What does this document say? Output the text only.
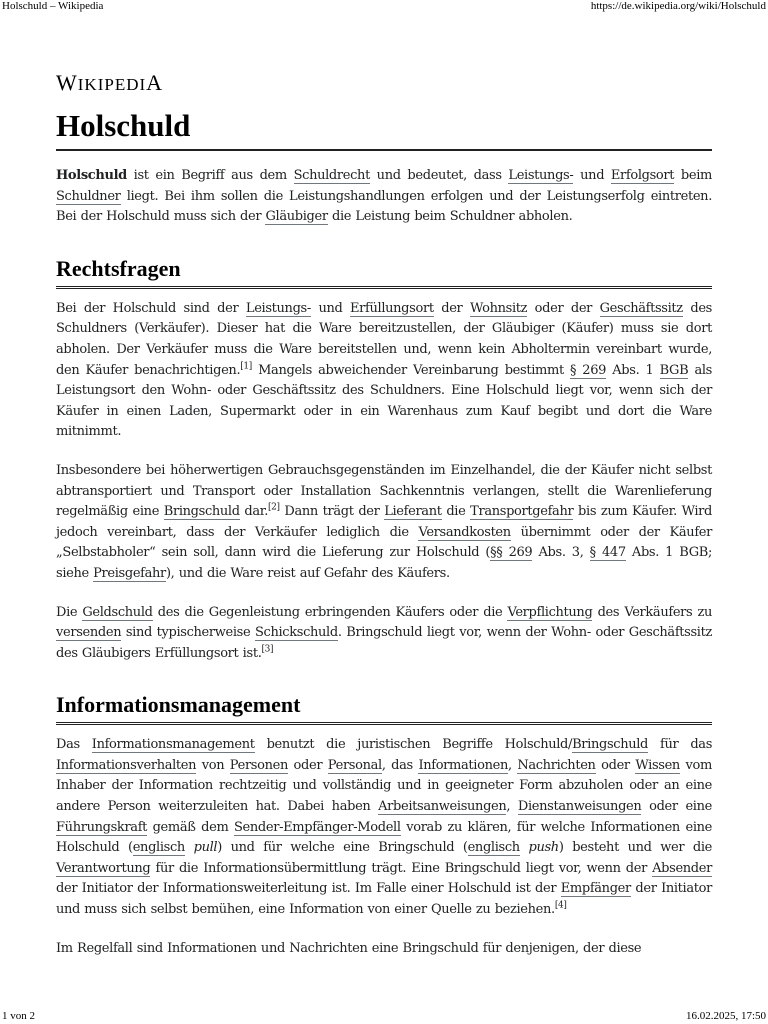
Holschuld – Wikipedia	https://de.wikipedia.org/wiki/Holschuld
WIKIPEDIA
Holschuld

Holschuld ist ein Begriff aus dem Schuldrecht und bedeutet, dass Leistungs- und Erfolgsort beim Schuldner liegt. Bei ihm sollen die Leistungshandlungen erfolgen und der Leistungserfolg eintreten. Bei der Holschuld muss sich der Gläubiger die Leistung beim Schuldner abholen.

Rechtsfragen

Bei der Holschuld sind der Leistungs- und Erfüllungsort der Wohnsitz oder der Geschäftssitz des Schuldners (Verkäufer). Dieser hat die Ware bereitzustellen, der Gläubiger (Käufer) muss sie dort abholen. Der Verkäufer muss die Ware bereitstellen und, wenn kein Abholtermin vereinbart wurde, den Käufer benachrichtigen.[1] Mangels abweichender Vereinbarung bestimmt § 269 Abs. 1 BGB als Leistungsort den Wohn- oder Geschäftssitz des Schuldners. Eine Holschuld liegt vor, wenn sich der Käufer in einen Laden, Supermarkt oder in ein Warenhaus zum Kauf begibt und dort die Ware mitnimmt.

Insbesondere bei höherwertigen Gebrauchsgegenständen im Einzelhandel, die der Käufer nicht selbst abtransportiert und Transport oder Installation Sachkenntnis verlangen, stellt die Warenlieferung regelmäßig eine Bringschuld dar.[2] Dann trägt der Lieferant die Transportgefahr bis zum Käufer. Wird jedoch vereinbart, dass der Verkäufer lediglich die Versandkosten übernimmt oder der Käufer „Selbstabholer“ sein soll, dann wird die Lieferung zur Holschuld (§§ 269 Abs. 3, § 447 Abs. 1 BGB; siehe Preisgefahr), und die Ware reist auf Gefahr des Käufers.

Die Geldschuld des die Gegenleistung erbringenden Käufers oder die Verpflichtung des Verkäufers zu versenden sind typischerweise Schickschuld. Bringschuld liegt vor, wenn der Wohn- oder Geschäftssitz des Gläubigers Erfüllungsort ist.[3]

Informationsmanagement

Das Informationsmanagement benutzt die juristischen Begriffe Holschuld/Bringschuld für das Informationsverhalten von Personen oder Personal, das Informationen, Nachrichten oder Wissen vom Inhaber der Information rechtzeitig und vollständig und in geeigneter Form abzuholen oder an eine andere Person weiterzuleiten hat. Dabei haben Arbeitsanweisungen, Dienstanweisungen oder eine Führungskraft gemäß dem Sender-Empfänger-Modell vorab zu klären, für welche Informationen eine Holschuld (englisch pull) und für welche eine Bringschuld (englisch push) besteht und wer die Verantwortung für die Informationsübermittlung trägt. Eine Bringschuld liegt vor, wenn der Absender der Initiator der Informationsweiterleitung ist. Im Falle einer Holschuld ist der Empfänger der Initiator und muss sich selbst bemühen, eine Information von einer Quelle zu beziehen.[4]

Im Regelfall sind Informationen und Nachrichten eine Bringschuld für denjenigen, der diese

1 von 2	16.02.2025, 17:50
